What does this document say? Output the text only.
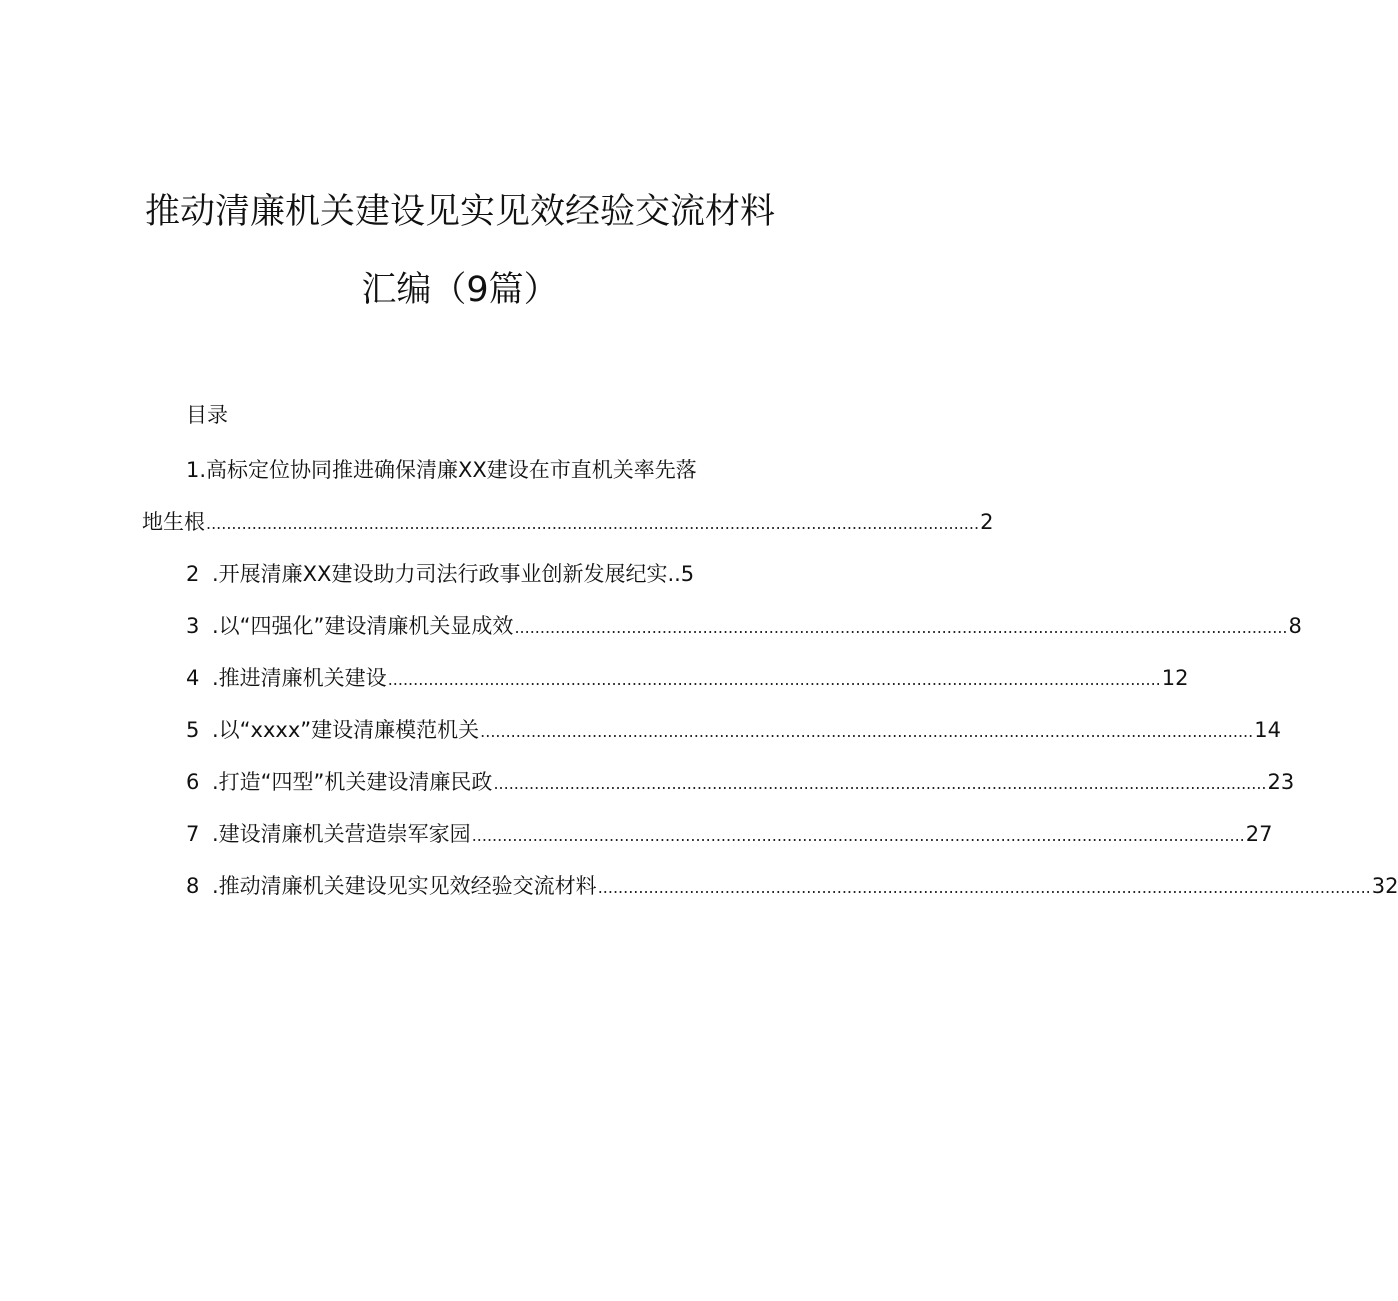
推动清廉机关建设见实见效经验交流材料
汇编（9篇）
目录
1.高标定位协同推进确保清廉XX建设在市直机关率先落
地生根 ........................................................................................................................................................ 2
2 .开展清廉XX建设助力司法行政事业创新发展纪实.. 5
3 .以“四强化”建设清廉机关显成效 ........................................................................................................................................................ 8
4 .推进清廉机关建设 ........................................................................................................................................................ 12
5 .以“xxxx”建设清廉模范机关 ........................................................................................................................................................ 14
6 .打造“四型”机关建设清廉民政 ........................................................................................................................................................ 23
7 .建设清廉机关营造崇军家园 ........................................................................................................................................................ 27
8 .推动清廉机关建设见实见效经验交流材料 ........................................................................................................................................................ 32
